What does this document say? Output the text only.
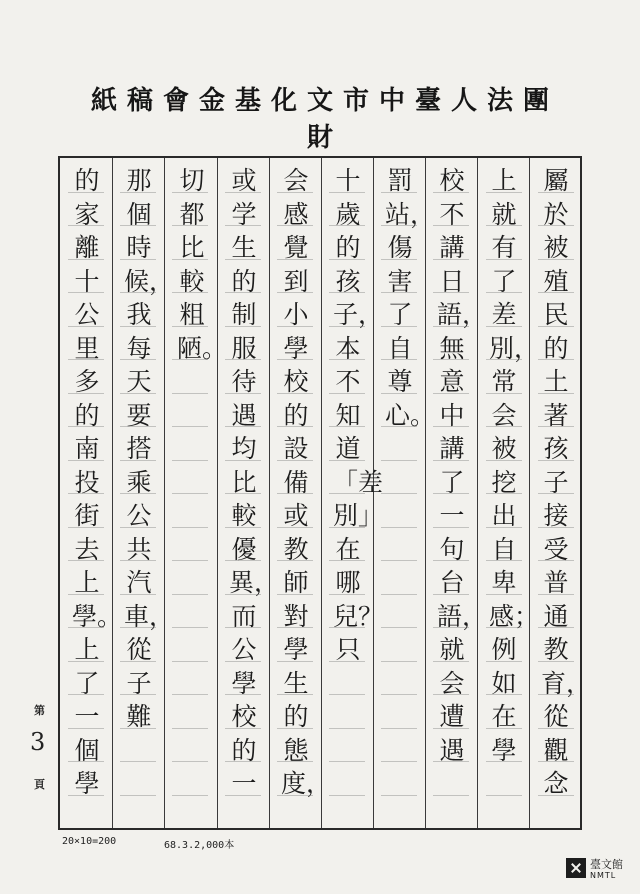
紙稿會金基化文市中臺人法團財
屬於被殖民的土著孩子接受普通教育，從觀念
上就有了差別，常会被挖出自卑感；例如在學
校不講日語，無意中講了一句台語，就会遭遇
罰站，傷害了自尊心。
十歲的孩子，本不知道「差別」在哪兒？只
会感覺到小學校的設備或教師對學生的態度，
或学生的制服待遇均比較優異，而公學校的一
切都比較粗陋。
那個時候，我每天要搭乘公共汽車，從子難
的家離十公里多的南投街去上學。上了一個學
第
3
頁
20×10=200	68.3.2,000本
臺文館
NMTL
